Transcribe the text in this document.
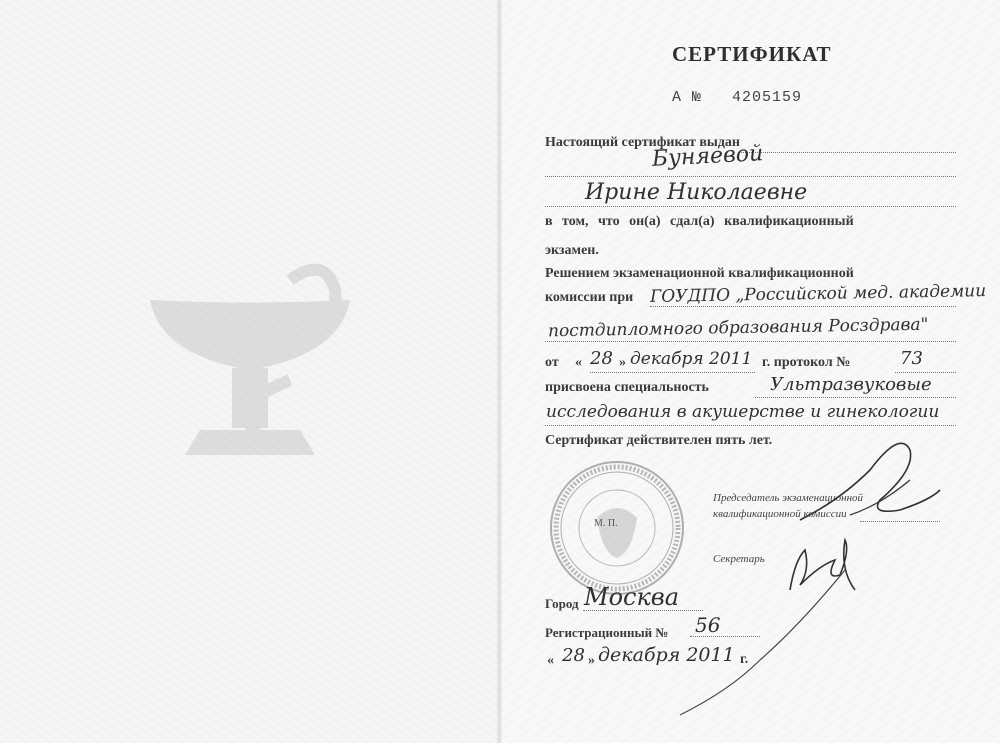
СЕРТИФИКАТ
А № 4205159
Настоящий сертификат выдан
Буняевой
Ирине Николаевне
в том, что он(а) сдал(а) квалификационный
экзамен.
Решением экзаменационной квалификационной
комиссии при ГОУДПО „Российской мед. академии
постдипломного образования Росздрава"
от « 28 » декабря 2011 г. протокол №	73
присвоена специальность	Ультразвуковые
исследования в акушерстве и гинекологии
Сертификат действителен пять лет.
М. П.
Председатель экзаменационной
квалификационной комиссии
Секретарь
Город Москва
Регистрационный № 56
« 28 » декабря 2011 г.
